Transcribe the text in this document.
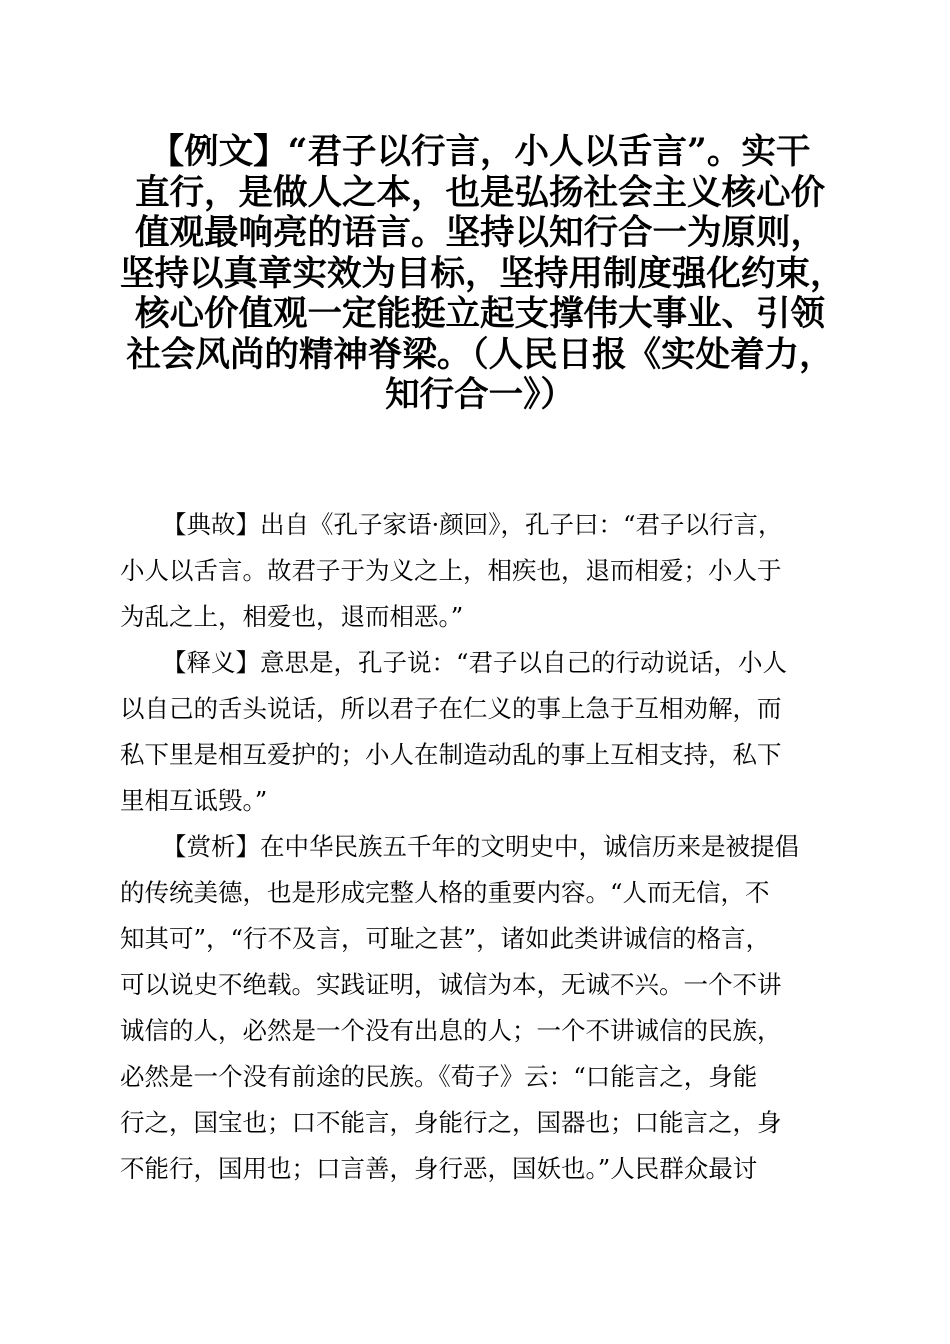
【例文】“君子以行言，小人以舌言”。实干
直行，是做人之本，也是弘扬社会主义核心价
值观最响亮的语言。坚持以知行合一为原则，
坚持以真章实效为目标，坚持用制度强化约束，
核心价值观一定能挺立起支撑伟大事业、引领
社会风尚的精神脊梁。（人民日报《实处着力，
知行合一》）

【典故】出自《孔子家语·颜回》，孔子曰：“君子以行言，
小人以舌言。故君子于为义之上，相疾也，退而相爱；小人于
为乱之上，相爱也，退而相恶。”

【释义】意思是，孔子说：“君子以自己的行动说话，小人
以自己的舌头说话，所以君子在仁义的事上急于互相劝解，而
私下里是相互爱护的；小人在制造动乱的事上互相支持，私下
里相互诋毁。”

【赏析】在中华民族五千年的文明史中，诚信历来是被提倡
的传统美德，也是形成完整人格的重要内容。“人而无信，不
知其可”，“行不及言，可耻之甚”，诸如此类讲诚信的格言，
可以说史不绝载。实践证明，诚信为本，无诚不兴。一个不讲
诚信的人，必然是一个没有出息的人；一个不讲诚信的民族，
必然是一个没有前途的民族。《荀子》云：“口能言之，身能
行之，国宝也；口不能言，身能行之，国器也；口能言之，身
不能行，国用也；口言善，身行恶，国妖也。”人民群众最讨
